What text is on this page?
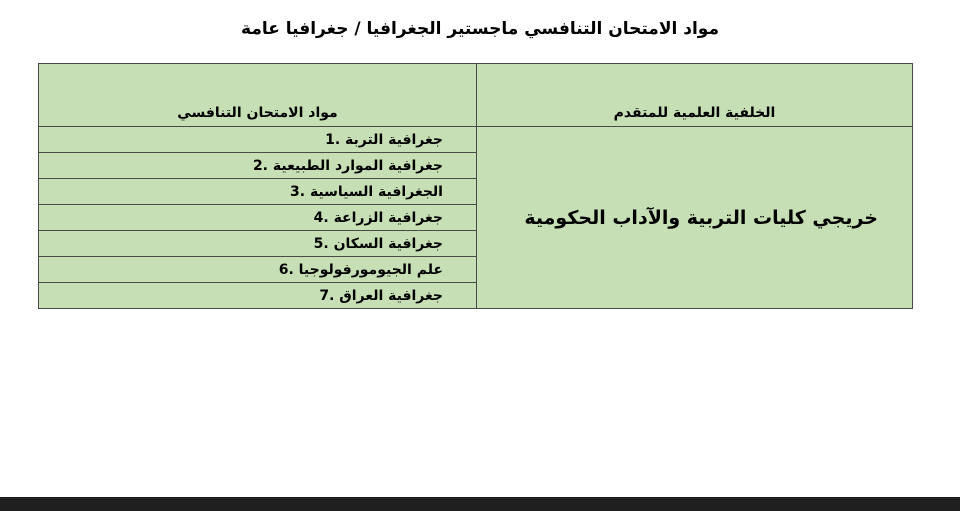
مواد الامتحان التنافسي ماجستير الجغرافيا / جغرافيا عامة
الخلفية العلمية للمتقدم	مواد الامتحان التنافسي
خريجي كليات التربية والآداب الحكومية	جغرافية التربة 1.
	جغرافية الموارد الطبيعية 2.
	الجغرافية السياسية 3.
	جغرافية الزراعة 4.
	جغرافية السكان 5.
	علم الجيومورفولوجيا 6.
	جغرافية العراق 7.
